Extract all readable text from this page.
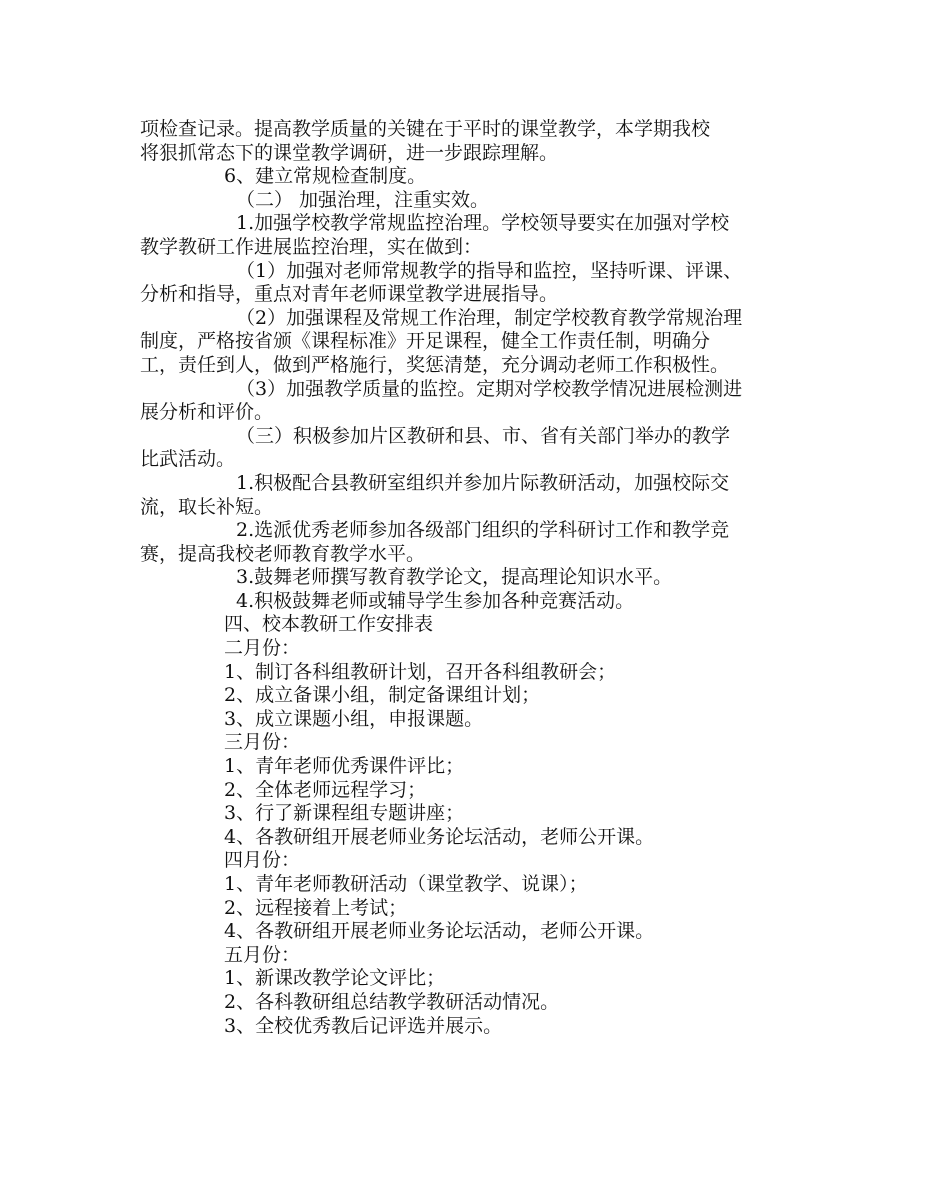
项检查记录。提高教学质量的关键在于平时的课堂教学，本学期我校

将狠抓常态下的课堂教学调研，进一步跟踪理解。

6、建立常规检查制度。

（二） 加强治理，注重实效。

1.加强学校教学常规监控治理。学校领导要实在加强对学校

教学教研工作进展监控治理，实在做到：

（1）加强对老师常规教学的指导和监控，坚持听课、评课、

分析和指导，重点对青年老师课堂教学进展指导。

（2）加强课程及常规工作治理，制定学校教育教学常规治理

制度，严格按省颁《课程标准》开足课程，健全工作责任制，明确分

工，责任到人，做到严格施行，奖惩清楚，充分调动老师工作积极性。

（3）加强教学质量的监控。定期对学校教学情况进展检测进

展分析和评价。

（三）积极参加片区教研和县、市、省有关部门举办的教学

比武活动。

1.积极配合县教研室组织并参加片际教研活动，加强校际交

流，取长补短。

2.选派优秀老师参加各级部门组织的学科研讨工作和教学竞

赛，提高我校老师教育教学水平。

3.鼓舞老师撰写教育教学论文，提高理论知识水平。

4.积极鼓舞老师或辅导学生参加各种竞赛活动。

四、校本教研工作安排表

二月份：

1、制订各科组教研计划，召开各科组教研会；

2、成立备课小组，制定备课组计划；

3、成立课题小组，申报课题。

三月份：

1、青年老师优秀课件评比；

2、全体老师远程学习；

3、行了新课程组专题讲座；

4、各教研组开展老师业务论坛活动，老师公开课。

四月份：

1、青年老师教研活动（课堂教学、说课）；

2、远程接着上考试；

4、各教研组开展老师业务论坛活动，老师公开课。

五月份：

1、新课改教学论文评比；

2、各科教研组总结教学教研活动情况。

3、全校优秀教后记评选并展示。
